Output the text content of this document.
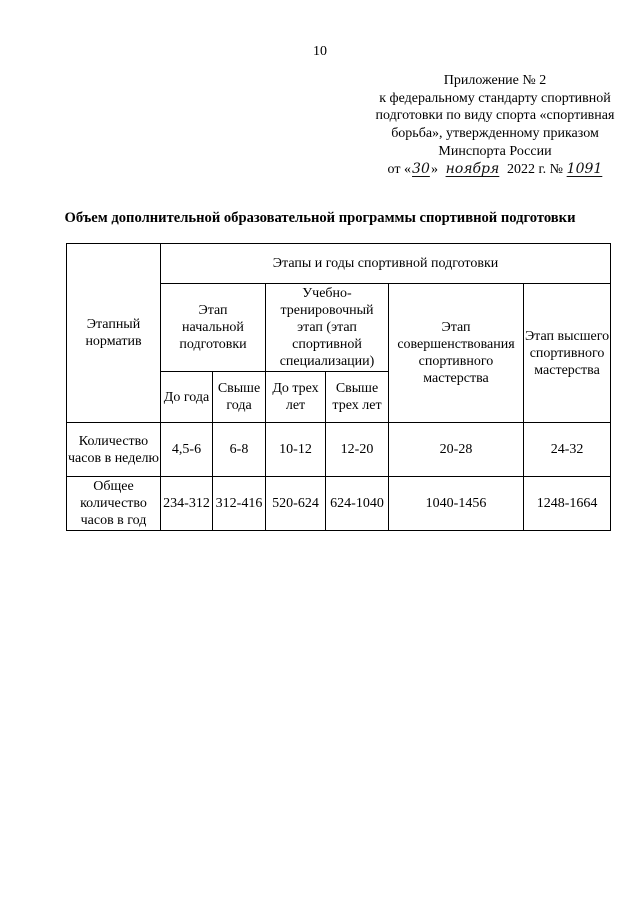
10
Приложение № 2
к федеральному стандарту спортивной
подготовки по виду спорта «спортивная
борьба», утвержденному приказом
Минспорта России
от «30» ноября 2022 г. № 1091
Объем дополнительной образовательной программы спортивной подготовки
Этапный норматив	Этапы и годы спортивной подготовки					

	Этап начальной подготовки		Учебно-тренировочный этап (этап спортивной специализации)		Этап совершенствования спортивного мастерства	Этап высшего спортивного мастерства

	До года	Свыше года	До трех лет	Свыше трех лет		

Количество часов в неделю	4,5-6	6-8	10-12	12-20	20-28	24-32

Общее количество часов в год	234-312	312-416	520-624	624-1040	1040-1456	1248-1664
